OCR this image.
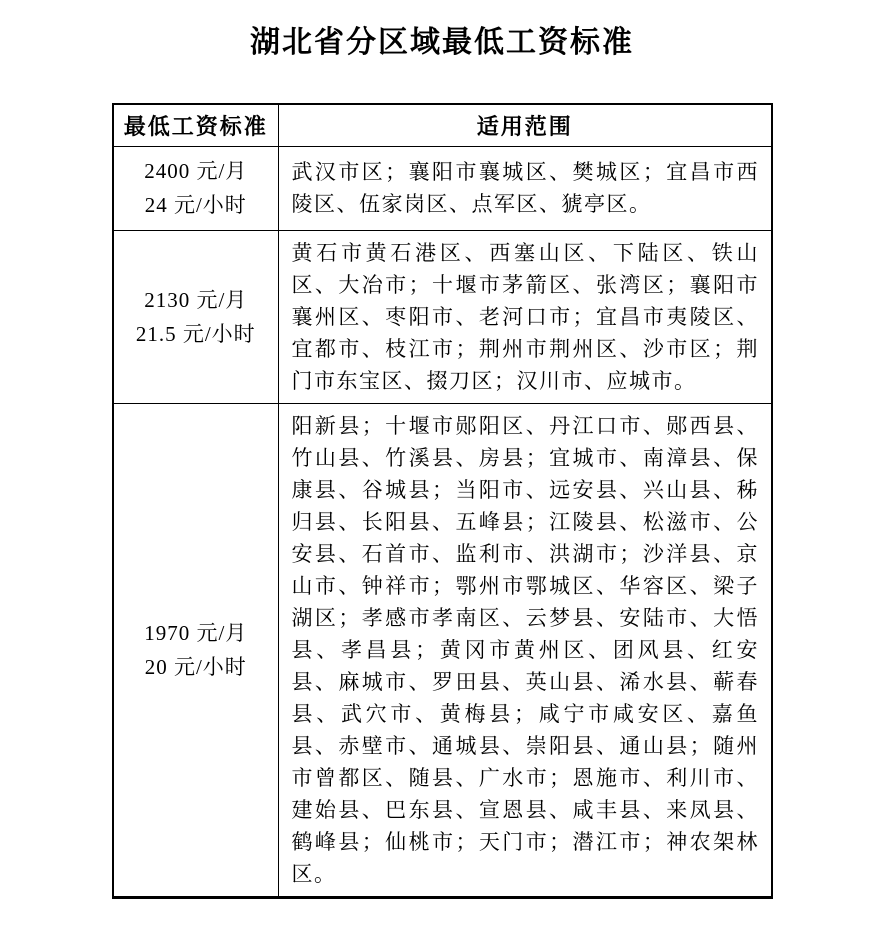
湖北省分区域最低工资标准
最低工资标准	适用范围

2400 元/月
24 元/小时	武汉市区；襄阳市襄城区、樊城区；宜昌市西陵区、伍家岗区、点军区、猇亭区。

2130 元/月
21.5 元/小时	黄石市黄石港区、西塞山区、下陆区、铁山区、大冶市；十堰市茅箭区、张湾区；襄阳市襄州区、枣阳市、老河口市；宜昌市夷陵区、宜都市、枝江市；荆州市荆州区、沙市区；荆门市东宝区、掇刀区；汉川市、应城市。

1970 元/月
20 元/小时	阳新县；十堰市郧阳区、丹江口市、郧西县、竹山县、竹溪县、房县；宜城市、南漳县、保康县、谷城县；当阳市、远安县、兴山县、秭归县、长阳县、五峰县；江陵县、松滋市、公安县、石首市、监利市、洪湖市；沙洋县、京山市、钟祥市；鄂州市鄂城区、华容区、梁子湖区；孝感市孝南区、云梦县、安陆市、大悟县、孝昌县；黄冈市黄州区、团风县、红安县、麻城市、罗田县、英山县、浠水县、蕲春县、武穴市、黄梅县；咸宁市咸安区、嘉鱼县、赤壁市、通城县、崇阳县、通山县；随州市曾都区、随县、广水市；恩施市、利川市、建始县、巴东县、宣恩县、咸丰县、来凤县、鹤峰县；仙桃市；天门市；潜江市；神农架林区。
